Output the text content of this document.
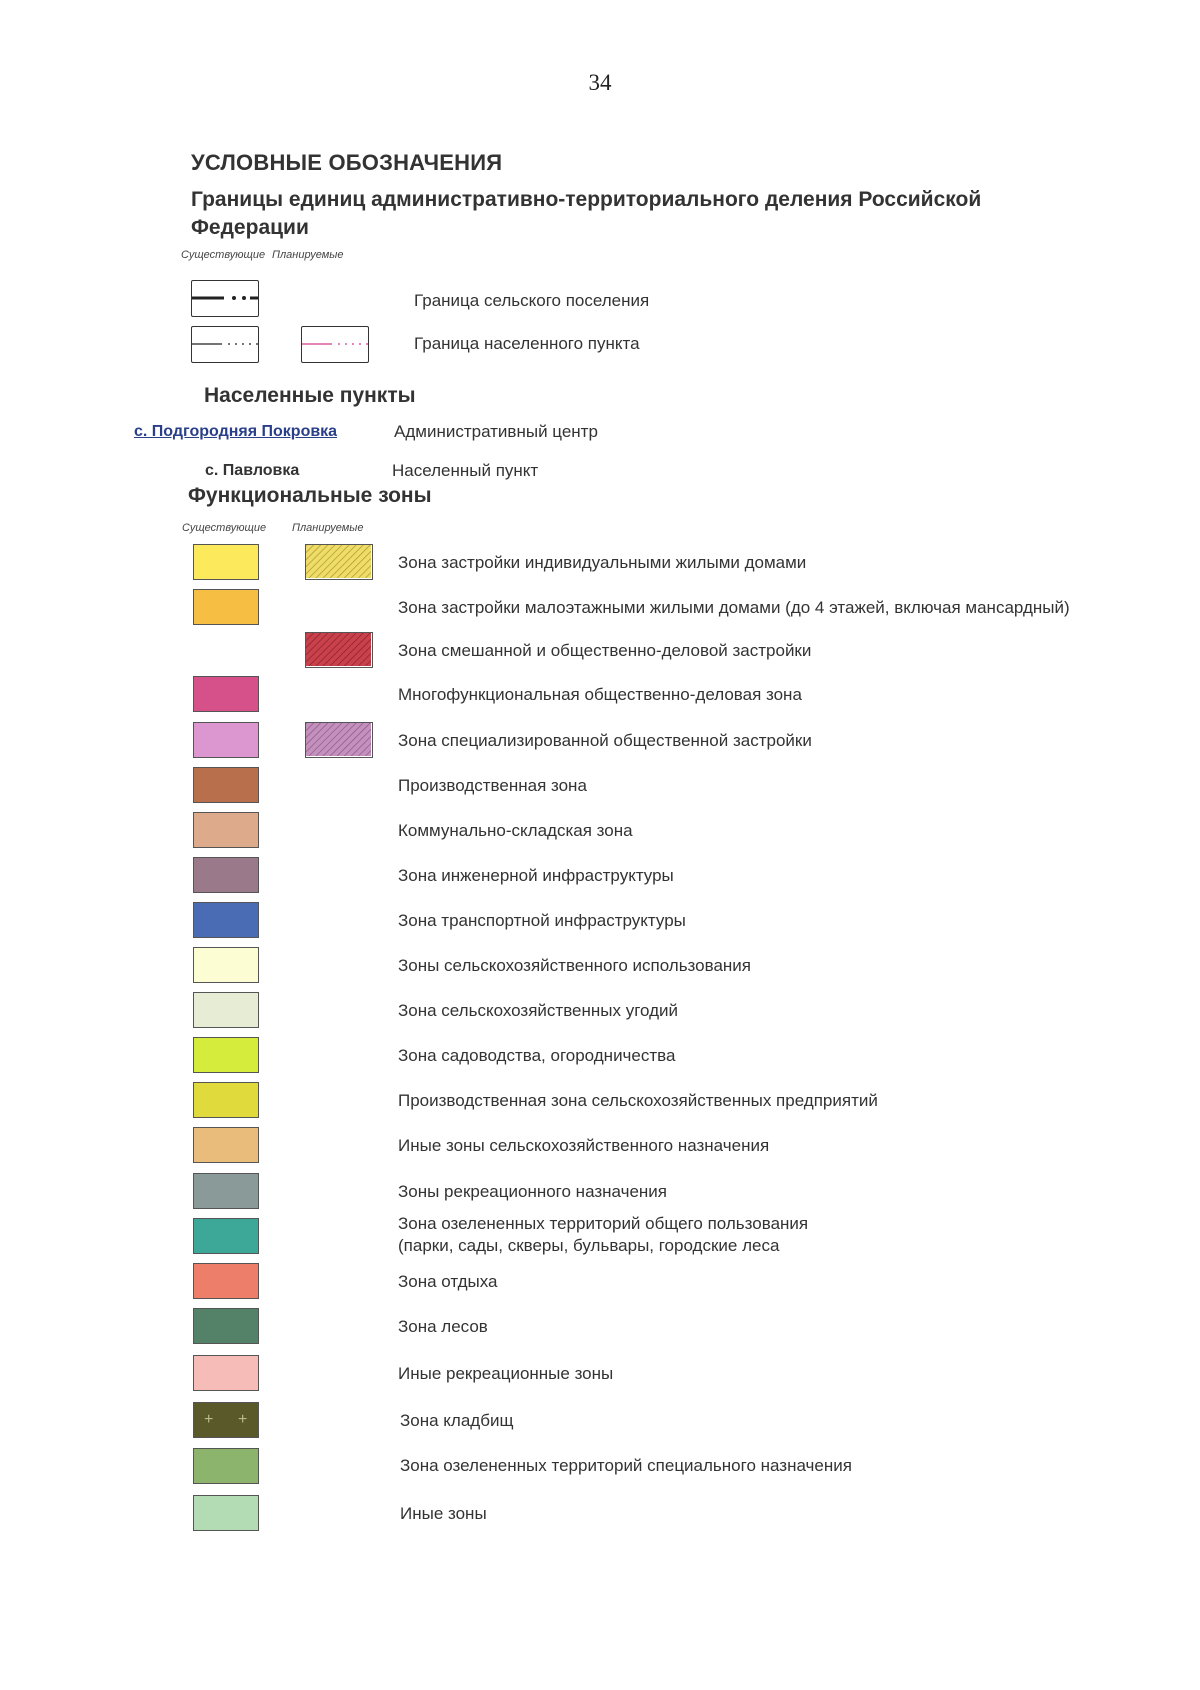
34
УСЛОВНЫЕ ОБОЗНАЧЕНИЯ
Границы единиц административно-территориального деления Российской Федерации
Существующие Планируемые
Граница сельского поселения
Граница населенного пункта
Населенные пункты
с. Подгородняя Покровка	Административный центр
с. Павловка	Населенный пункт
Функциональные зоны
Существующие Планируемые
Зона застройки индивидуальными жилыми домами
Зона застройки малоэтажными жилыми домами (до 4 этажей, включая мансардный)
Зона смешанной и общественно-деловой застройки
Многофункциональная общественно-деловая зона
Зона специализированной общественной застройки
Производственная зона
Коммунально-складская зона
Зона инженерной инфраструктуры
Зона транспортной инфраструктуры
Зоны сельскохозяйственного использования
Зона сельскохозяйственных угодий
Зона садоводства, огородничества
Производственная зона сельскохозяйственных предприятий
Иные зоны сельскохозяйственного назначения
Зоны рекреационного назначения
Зона озелененных территорий общего пользования
(парки, сады, скверы, бульвары, городские леса
Зона отдыха
Зона лесов
Иные рекреационные зоны
+ +	Зона кладбищ
Зона озелененных территорий специального назначения
Иные зоны
